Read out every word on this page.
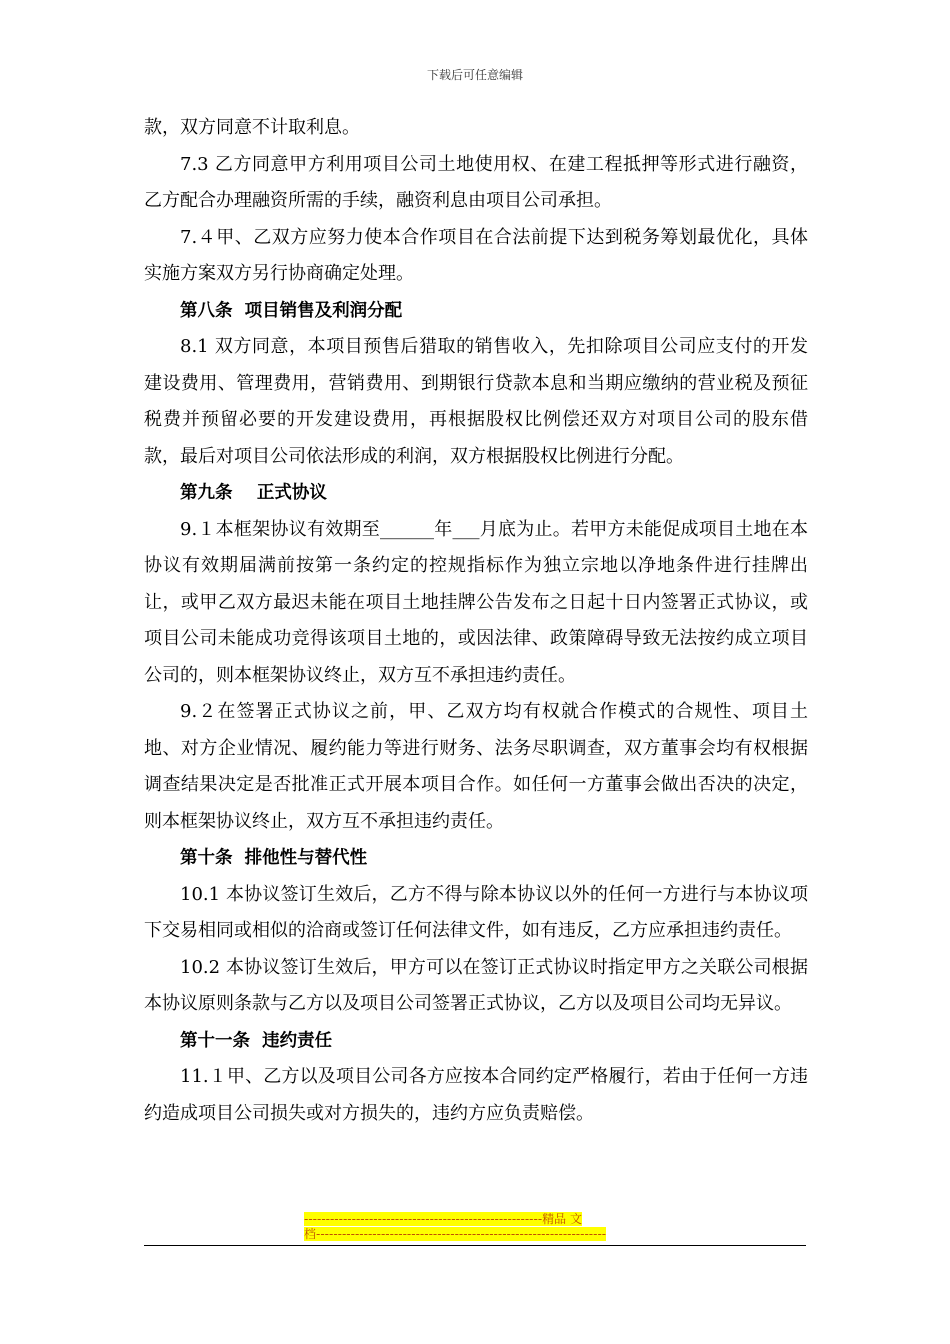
下载后可任意编辑

款，双方同意不计取利息。

7.3 乙方同意甲方利用项目公司土地使用权、在建工程抵押等形式进行融资，乙方配合办理融资所需的手续，融资利息由项目公司承担。

7.４甲、乙双方应努力使本合作项目在合法前提下达到税务筹划最优化，具体实施方案双方另行协商确定处理。

第八条  项目销售及利润分配

8.1 双方同意，本项目预售后猎取的销售收入，先扣除项目公司应支付的开发建设费用、管理费用，营销费用、到期银行贷款本息和当期应缴纳的营业税及预征税费并预留必要的开发建设费用，再根据股权比例偿还双方对项目公司的股东借款，最后对项目公司依法形成的利润，双方根据股权比例进行分配。

第九条    正式协议

9.１本框架协议有效期至______年___月底为止。若甲方未能促成项目土地在本协议有效期届满前按第一条约定的控规指标作为独立宗地以净地条件进行挂牌出让，或甲乙双方最迟未能在项目土地挂牌公告发布之日起十日内签署正式协议，或项目公司未能成功竞得该项目土地的，或因法律、政策障碍导致无法按约成立项目公司的，则本框架协议终止，双方互不承担违约责任。

9.２在签署正式协议之前，甲、乙双方均有权就合作模式的合规性、项目土地、对方企业情况、履约能力等进行财务、法务尽职调查，双方董事会均有权根据调查结果决定是否批准正式开展本项目合作。如任何一方董事会做出否决的决定，则本框架协议终止，双方互不承担违约责任。

第十条  排他性与替代性

10.1 本协议签订生效后，乙方不得与除本协议以外的任何一方进行与本协议项下交易相同或相似的洽商或签订任何法律文件，如有违反，乙方应承担违约责任。

10.2 本协议签订生效后，甲方可以在签订正式协议时指定甲方之关联公司根据本协议原则条款与乙方以及项目公司签署正式协议，乙方以及项目公司均无异议。

第十一条  违约责任

11.１甲、乙方以及项目公司各方应按本合同约定严格履行，若由于任何一方违约造成项目公司损失或对方损失的，违约方应负责赔偿。

-------------------------------------------------------精品 文
档-------------------------------------------------------------------
